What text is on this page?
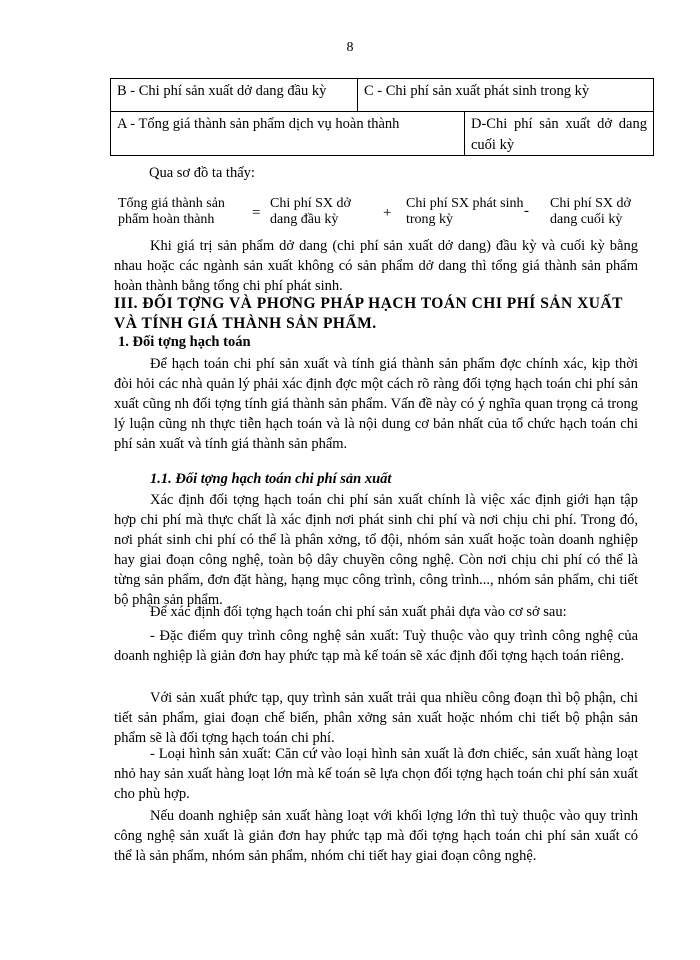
8
B - Chi phí sản xuất dở dang đầu kỳ	C - Chi phí sản xuất phát sinh trong kỳ
A - Tổng giá thành sản phẩm dịch vụ hoàn thành	D-Chi phí sản xuất dở dang cuối kỳ

Qua sơ đồ ta thấy:

Tổng giá thành sản phẩm hoàn thành	=
Chi phí SX dở dang đầu kỳ	+
Chi phí SX phát sinh trong kỳ
- Chi phí SX dở dang cuối kỳ

Khi giá trị sản phẩm dở dang (chi phí sản xuất dở dang) đầu kỳ và cuối kỳ bằng nhau hoặc các ngành sản xuất không có sản phẩm dở dang thì tổng giá thành sản phẩm hoàn thành bằng tổng chi phí phát sinh.

III. ĐỐI TỢNG VÀ PHƠNG PHÁP HẠCH TOÁN CHI PHÍ SẢN XUẤT VÀ TÍNH GIÁ THÀNH SẢN PHẨM.
1. Đối tợng hạch toán

Để hạch toán chi phí sản xuất và tính giá thành sản phẩm đợc chính xác, kịp thời đòi hỏi các nhà quản lý phải xác định đợc một cách rõ ràng đối tợng hạch toán chi phí sản xuất cũng nh đối tợng tính giá thành sản phẩm. Vấn đề này có ý nghĩa quan trọng cả trong lý luận cũng nh thực tiễn hạch toán và là nội dung cơ bản nhất của tổ chức hạch toán chi phí sản xuất và tính giá thành sản phẩm.

1.1. Đối tợng hạch toán chi phí sản xuất

Xác định đối tợng hạch toán chi phí sản xuất chính là việc xác định giới hạn tập hợp chi phí mà thực chất là xác định nơi phát sinh chi phí và nơi chịu chi phí. Trong đó, nơi phát sinh chi phí có thể là phân xởng, tổ đội, nhóm sản xuất hoặc toàn doanh nghiệp hay giai đoạn công nghệ, toàn bộ dây chuyền công nghệ. Còn nơi chịu chi phí có thể là từng sản phẩm, đơn đặt hàng, hạng mục công trình, công trình..., nhóm sản phẩm, chi tiết bộ phận sản phẩm.

Để xác định đối tợng hạch toán chi phí sản xuất phải dựa vào cơ sở sau:

- Đặc điểm quy trình công nghệ sản xuất: Tuỳ thuộc vào quy trình công nghệ của doanh nghiệp là giản đơn hay phức tạp mà kế toán sẽ xác định đối tợng hạch toán riêng.

Với sản xuất phức tạp, quy trình sản xuất trải qua nhiều công đoạn thì bộ phận, chi tiết sản phẩm, giai đoạn chế biến, phân xởng sản xuất hoặc nhóm chi tiết bộ phận sản phẩm sẽ là đối tợng hạch toán chi phí.

- Loại hình sản xuất: Căn cứ vào loại hình sản xuất là đơn chiếc, sản xuất hàng loạt nhỏ hay sản xuất hàng loạt lớn mà kế toán sẽ lựa chọn đối tợng hạch toán chi phí sản xuất cho phù hợp.

Nếu doanh nghiệp sản xuất hàng loạt với khối lợng lớn thì tuỳ thuộc vào quy trình công nghệ sản xuất là giản đơn hay phức tạp mà đối tợng hạch toán chi phí sản xuất có thể là sản phẩm, nhóm sản phẩm, nhóm chi tiết hay giai đoạn công nghệ.
